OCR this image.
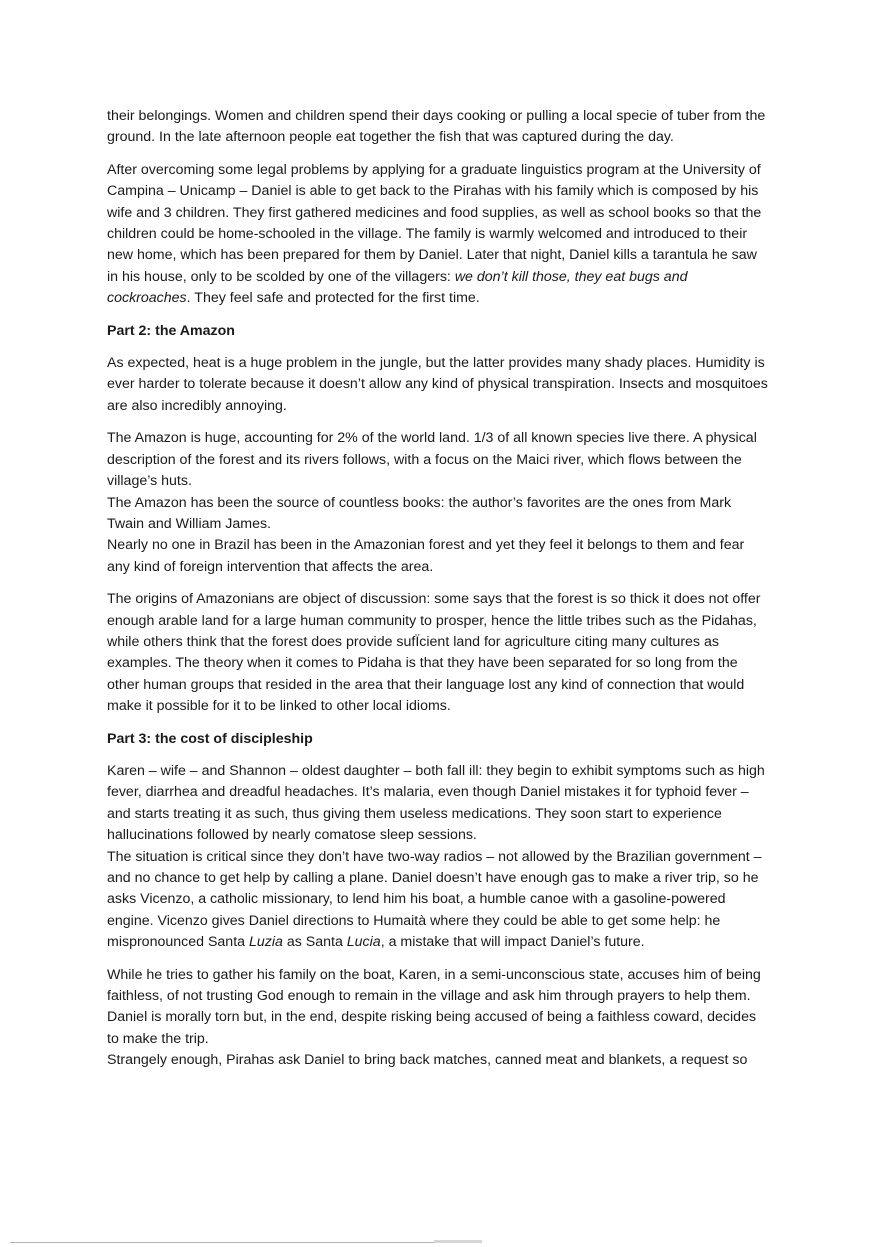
their belongings. Women and children spend their days cooking or pulling a local specie of tuber from the ground. In the late afternoon people eat together the fish that was captured during the day.

After overcoming some legal problems by applying for a graduate linguistics program at the University of Campina – Unicamp – Daniel is able to get back to the Pirahas with his family which is composed by his wife and 3 children. They first gathered medicines and food supplies, as well as school books so that the children could be home-schooled in the village. The family is warmly welcomed and introduced to their new home, which has been prepared for them by Daniel. Later that night, Daniel kills a tarantula he saw in his house, only to be scolded by one of the villagers: we don’t kill those, they eat bugs and cockroaches. They feel safe and protected for the first time.

Part 2: the Amazon

As expected, heat is a huge problem in the jungle, but the latter provides many shady places. Humidity is ever harder to tolerate because it doesn’t allow any kind of physical transpiration. Insects and mosquitoes are also incredibly annoying.

The Amazon is huge, accounting for 2% of the world land. 1/3 of all known species live there. A physical description of the forest and its rivers follows, with a focus on the Maici river, which flows between the village’s huts.

The Amazon has been the source of countless books: the author’s favorites are the ones from Mark Twain and William James.

Nearly no one in Brazil has been in the Amazonian forest and yet they feel it belongs to them and fear any kind of foreign intervention that affects the area.

The origins of Amazonians are object of discussion: some says that the forest is so thick it does not offer enough arable land for a large human community to prosper, hence the little tribes such as the Pidahas, while others think that the forest does provide sufÏcient land for agriculture citing many cultures as examples. The theory when it comes to Pidaha is that they have been separated for so long from the other human groups that resided in the area that their language lost any kind of connection that would make it possible for it to be linked to other local idioms.

Part 3: the cost of discipleship

Karen – wife – and Shannon – oldest daughter – both fall ill: they begin to exhibit symptoms such as high fever, diarrhea and dreadful headaches. It’s malaria, even though Daniel mistakes it for typhoid fever – and starts treating it as such, thus giving them useless medications. They soon start to experience hallucinations followed by nearly comatose sleep sessions.

The situation is critical since they don’t have two-way radios – not allowed by the Brazilian government – and no chance to get help by calling a plane. Daniel doesn’t have enough gas to make a river trip, so he asks Vicenzo, a catholic missionary, to lend him his boat, a humble canoe with a gasoline-powered engine. Vicenzo gives Daniel directions to Humaità where they could be able to get some help: he mispronounced Santa Luzia as Santa Lucia, a mistake that will impact Daniel’s future.

While he tries to gather his family on the boat, Karen, in a semi-unconscious state, accuses him of being faithless, of not trusting God enough to remain in the village and ask him through prayers to help them. Daniel is morally torn but, in the end, despite risking being accused of being a faithless coward, decides to make the trip.

Strangely enough, Pirahas ask Daniel to bring back matches, canned meat and blankets, a request so
